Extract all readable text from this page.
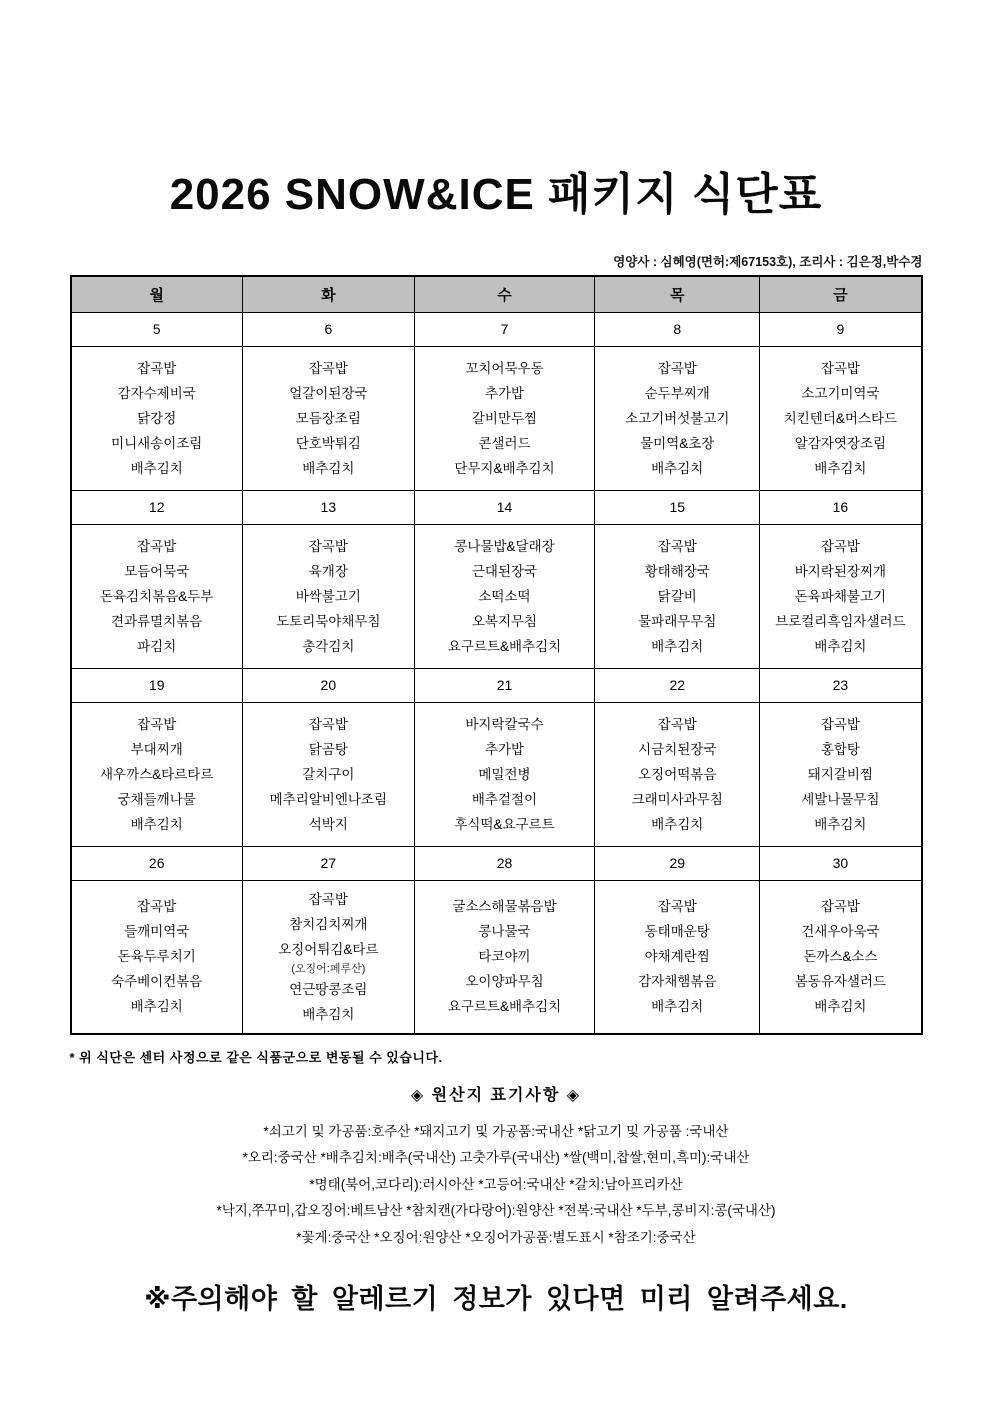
2026 SNOW&ICE 패키지 식단표
영양사 : 심혜영(면허:제67153호), 조리사 : 김은정,박수경
월	화	수	목	금
5	6	7	8	9

잡곡밥
감자수제비국
닭강정
미니새송이조림
배추김치

잡곡밥
얼갈이된장국
모듬장조림
단호박튀김
배추김치

꼬치어묵우동
추가밥
갈비만두찜
콘샐러드
단무지&배추김치

잡곡밥
순두부찌개
소고기버섯불고기
물미역&초장
배추김치

잡곡밥
소고기미역국
치킨텐더&머스타드
알감자엿장조림
배추김치

12	13	14	15	16

잡곡밥
모듬어묵국
돈육김치볶음&두부
견과류멸치볶음
파김치

잡곡밥
육개장
바싹불고기
도토리묵야채무침
총각김치

콩나물밥&달래장
근대된장국
소떡소떡
오복지무침
요구르트&배추김치

잡곡밥
황태해장국
닭갈비
물파래무무침
배추김치

잡곡밥
바지락된장찌개
돈육파채불고기
브로컬리흑임자샐러드
배추김치

19	20	21	22	23

잡곡밥
부대찌개
새우까스&타르타르
궁채들깨나물
배추김치

잡곡밥
닭곰탕
갈치구이
메추리알비엔나조림
석박지

바지락칼국수
추가밥
메밀전병
배추겉절이
후식떡&요구르트

잡곡밥
시금치된장국
오징어떡볶음
크래미사과무침
배추김치

잡곡밥
홍합탕
돼지갈비찜
세발나물무침
배추김치

26	27	28	29	30

잡곡밥
들깨미역국
돈육두루치기
숙주베이컨볶음
배추김치

잡곡밥
참치김치찌개
오징어튀김&타르
(오징어:페루산)
연근땅콩조림
배추김치

굴소스해물볶음밥
콩나물국
타코야끼
오이양파무침
요구르트&배추김치

잡곡밥
동태매운탕
야채계란찜
감자채햄볶음
배추김치

잡곡밥
건새우아욱국
돈까스&소스
봄동유자샐러드
배추김치
* 위 식단은 센터 사정으로 같은 식품군으로 변동될 수 있습니다.
◈ 원산지 표기사항 ◈
*쇠고기 및 가공품:호주산 *돼지고기 및 가공품:국내산 *닭고기 및 가공품 :국내산
*오리:중국산 *배추김치:배추(국내산) 고춧가루(국내산) *쌀(백미,찹쌀,현미,흑미):국내산
*명태(북어,코다리):러시아산 *고등어:국내산 *갈치:남아프리카산
*낙지,쭈꾸미,갑오징어:베트남산 *참치캔(가다랑어):원양산 *전복:국내산 *두부,콩비지:콩(국내산)
*꽃게:중국산 *오징어:원양산 *오징어가공품:별도표시 *참조기:중국산
※주의해야 할 알레르기 정보가 있다면 미리 알려주세요.
